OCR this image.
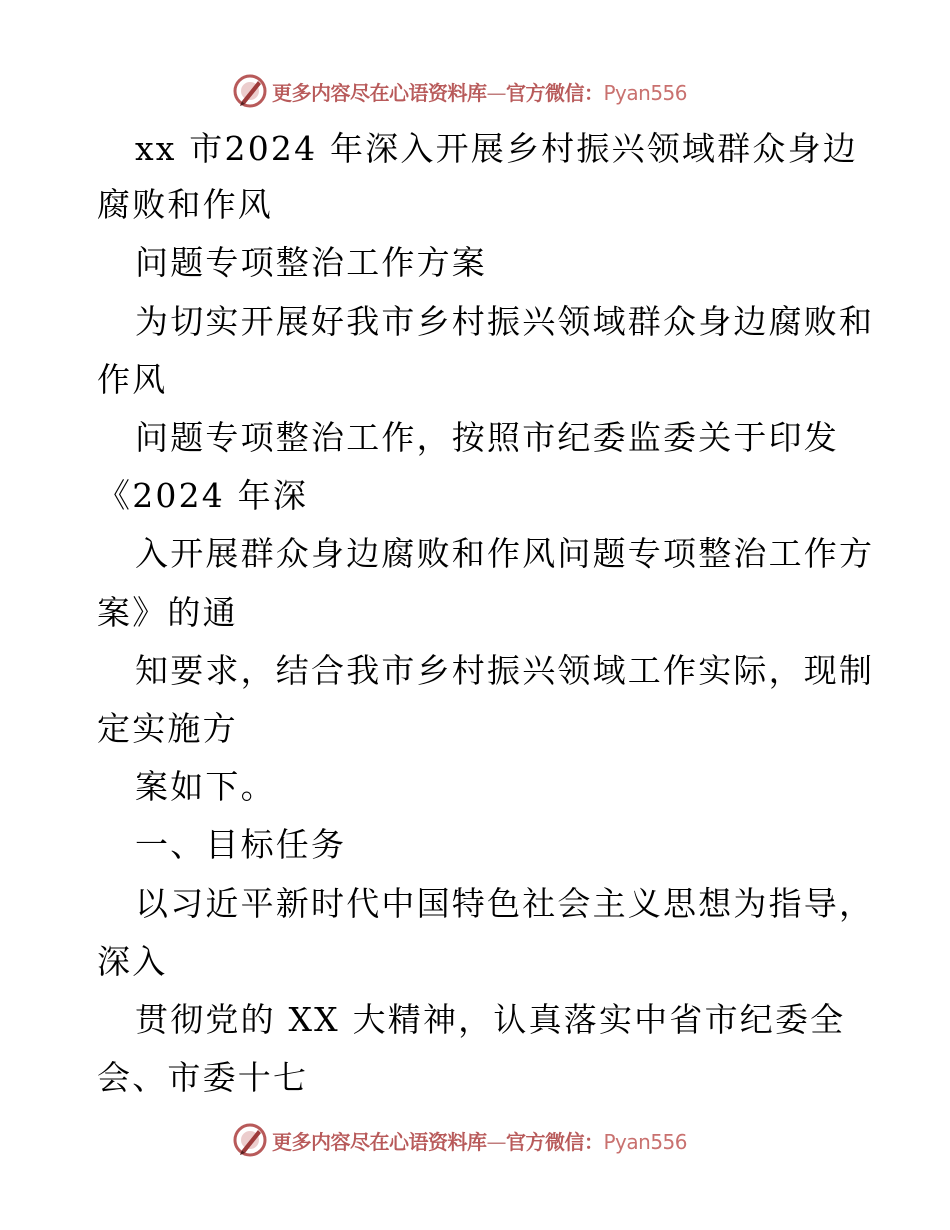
更多内容尽在心语资料库—官方微信：Pyan556
xx 市2024 年深入开展乡村振兴领域群众身边
腐败和作风
问题专项整治工作方案
为切实开展好我市乡村振兴领域群众身边腐败和
作风
问题专项整治工作，按照市纪委监委关于印发
《2024 年深
入开展群众身边腐败和作风问题专项整治工作方
案》的通
知要求，结合我市乡村振兴领域工作实际，现制
定实施方
案如下。
一、目标任务
以习近平新时代中国特色社会主义思想为指导，
深入
贯彻党的 XX 大精神，认真落实中省市纪委全
会、市委十七
更多内容尽在心语资料库—官方微信：Pyan556
